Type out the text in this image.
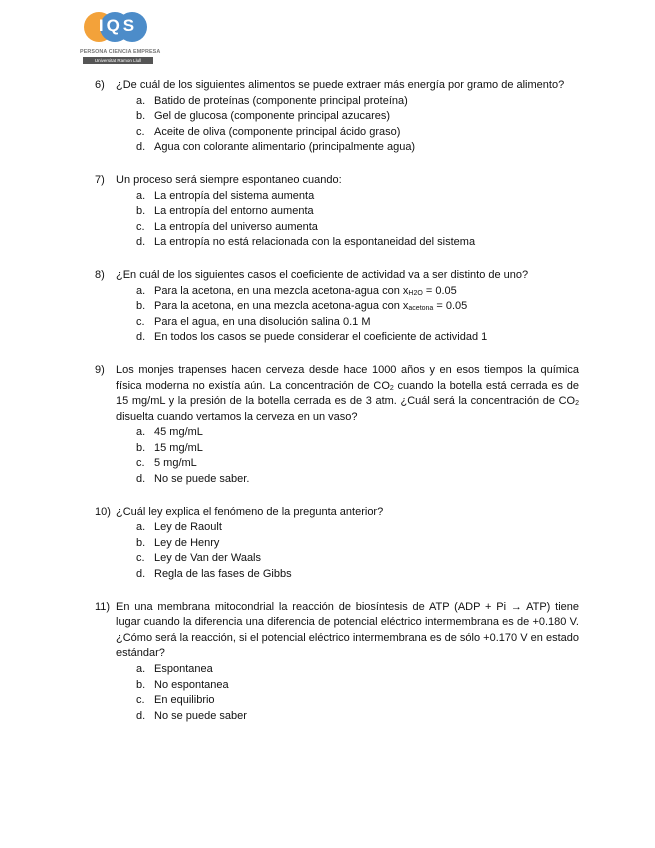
IQS
PERSONA CIENCIA EMPRESA
Universitat Ramon Llull
6) ¿De cuál de los siguientes alimentos se puede extraer más energía por gramo de alimento?
a. Batido de proteínas (componente principal proteína)
b. Gel de glucosa (componente principal azucares)
c. Aceite de oliva (componente principal ácido graso)
d. Agua con colorante alimentario (principalmente agua)
7) Un proceso será siempre espontaneo cuando:
a. La entropía del sistema aumenta
b. La entropía del entorno aumenta
c. La entropía del universo aumenta
d. La entropía no está relacionada con la espontaneidad del sistema
8) ¿En cuál de los siguientes casos el coeficiente de actividad va a ser distinto de uno?
a. Para la acetona, en una mezcla acetona-agua con $x_{H2O} = 0.05$
b. Para la acetona, en una mezcla acetona-agua con $x_{acetona} = 0.05$
c. Para el agua, en una disolución salina 0.1 M
d. En todos los casos se puede considerar el coeficiente de actividad 1
9) Los monjes trapenses hacen cerveza desde hace 1000 años y en esos tiempos la química física moderna no existía aún. La concentración de $CO_2$ cuando la botella está cerrada es de 15 mg/mL y la presión de la botella cerrada es de 3 atm. ¿Cuál será la concentración de $CO_2$ disuelta cuando vertamos la cerveza en un vaso?
a. 45 mg/mL
b. 15 mg/mL
c. 5 mg/mL
d. No se puede saber.
10) ¿Cuál ley explica el fenómeno de la pregunta anterior?
a. Ley de Raoult
b. Ley de Henry
c. Ley de Van der Waals
d. Regla de las fases de Gibbs
11) En una membrana mitocondrial la reacción de biosíntesis de ATP (ADP + Pi → ATP) tiene lugar cuando la diferencia una diferencia de potencial eléctrico intermembrana es de +0.180 V. ¿Cómo será la reacción, si el potencial eléctrico intermembrana es de sólo +0.170 V en estado estándar?
a. Espontanea
b. No espontanea
c. En equilibrio
d. No se puede saber
